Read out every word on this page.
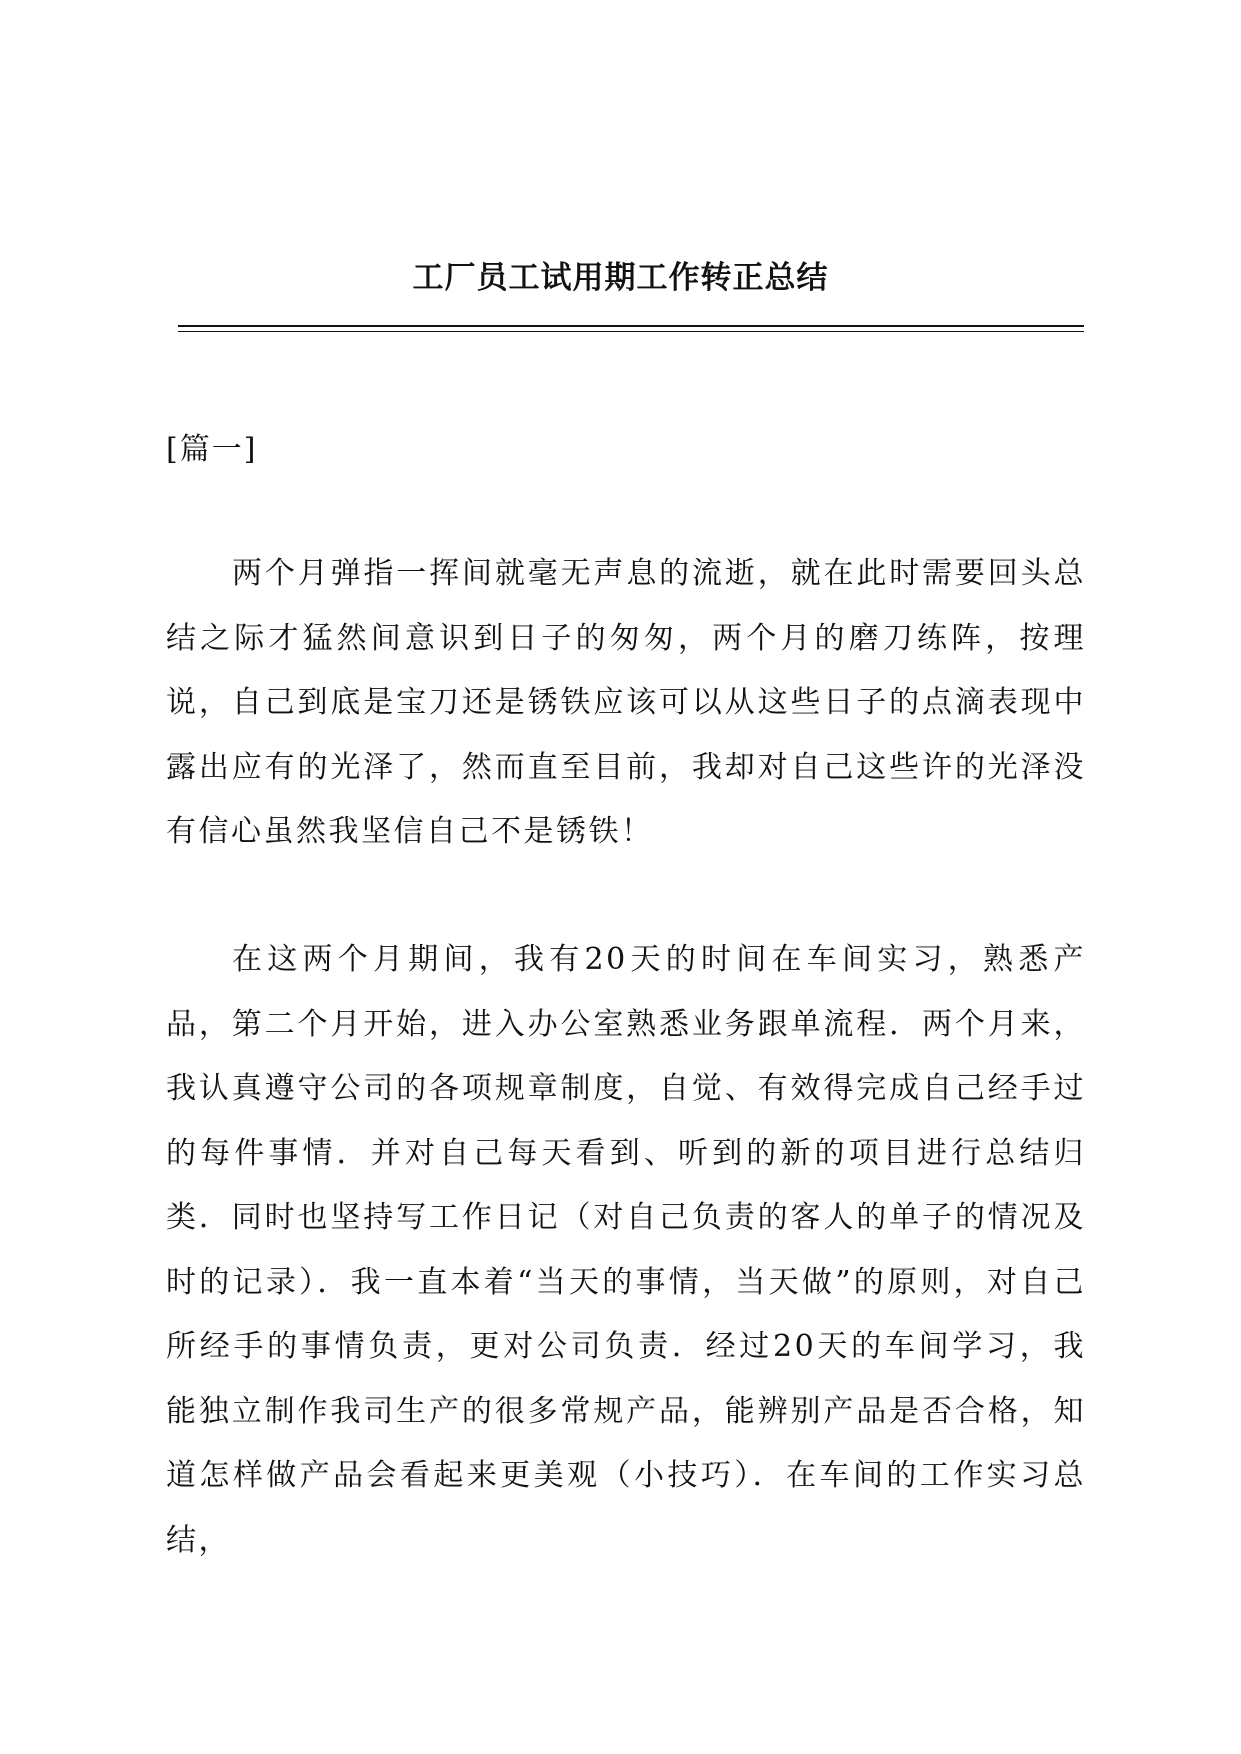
工厂员工试用期工作转正总结

[篇一]

两个月弹指一挥间就毫无声息的流逝，就在此时需要回头总结之际才猛然间意识到日子的匆匆，两个月的磨刀练阵，按理说，自己到底是宝刀还是锈铁应该可以从这些日子的点滴表现中露出应有的光泽了，然而直至目前，我却对自己这些许的光泽没有信心虽然我坚信自己不是锈铁！

在这两个月期间，我有20天的时间在车间实习，熟悉产品，第二个月开始，进入办公室熟悉业务跟单流程．两个月来，我认真遵守公司的各项规章制度，自觉、有效得完成自己经手过的每件事情．并对自己每天看到、听到的新的项目进行总结归类．同时也坚持写工作日记（对自己负责的客人的单子的情况及时的记录）．我一直本着“当天的事情，当天做”的原则，对自己所经手的事情负责，更对公司负责．经过20天的车间学习，我能独立制作我司生产的很多常规产品，能辨别产品是否合格，知道怎样做产品会看起来更美观（小技巧）．在车间的工作实习总结，
